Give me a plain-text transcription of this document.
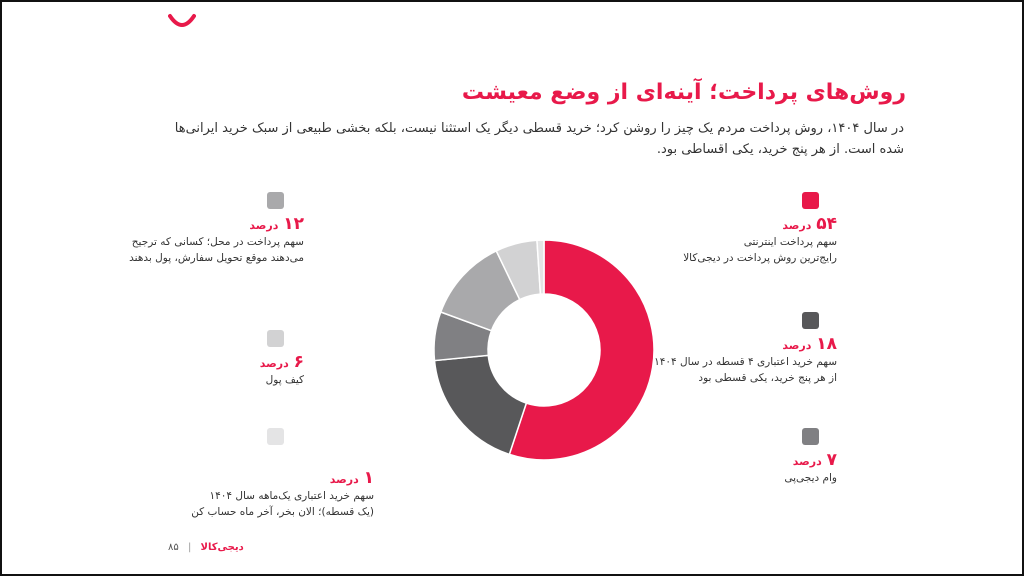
روش‌های پرداخت؛ آینه‌ای از وضع معیشت

در سال ۱۴۰۴، روش پرداخت مردم یک چیز را روشن کرد؛ خرید قسطی دیگر یک استثنا نیست، بلکه بخشی طبیعی از سبک خرید ایرانی‌ها شده است. از هر پنج خرید، یکی اقساطی بود.

۵۴ درصد
سهم پرداخت اینترنتی
رایج‌ترین روش پرداخت در دیجی‌کالا
۱۸ درصد
سهم خرید اعتباری ۴ قسطه در سال ۱۴۰۴
از هر پنج خرید، یکی قسطی بود
۷ درصد
وام دیجی‌پی
۱۲ درصد
سهم پرداخت در محل؛ کسانی که ترجیح
می‌دهند موقع تحویل سفارش، پول بدهند
۶ درصد
کیف پول
۱ درصد
سهم خرید اعتباری یک‌ماهه سال ۱۴۰۴
(یک قسطه)؛ الان بخر، آخر ماه حساب کن
۸۵ | دیجی‌کالا
